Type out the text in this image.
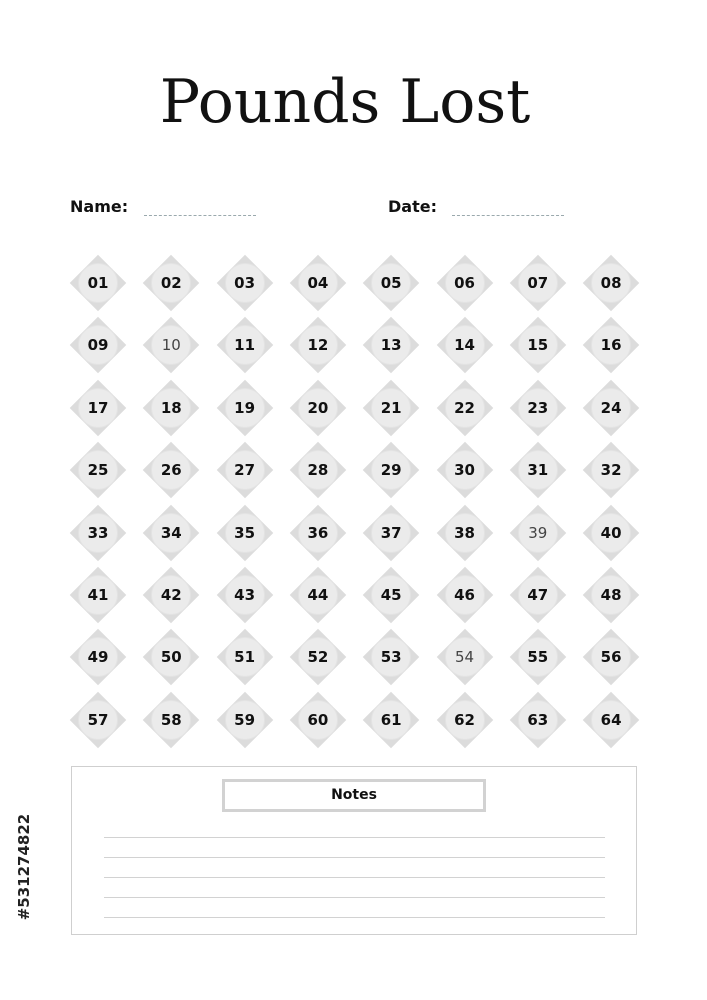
Pounds Lost
Name:	Date:
01	02	03	04	05	06	07	08
09	10	11	12	13	14	15	16
17	18	19	20	21	22	23	24
25	26	27	28	29	30	31	32
33	34	35	36	37	38	39	40
41	42	43	44	45	46	47	48
49	50	51	52	53	54	55	56
57	58	59	60	61	62	63	64
Notes
#531274822
